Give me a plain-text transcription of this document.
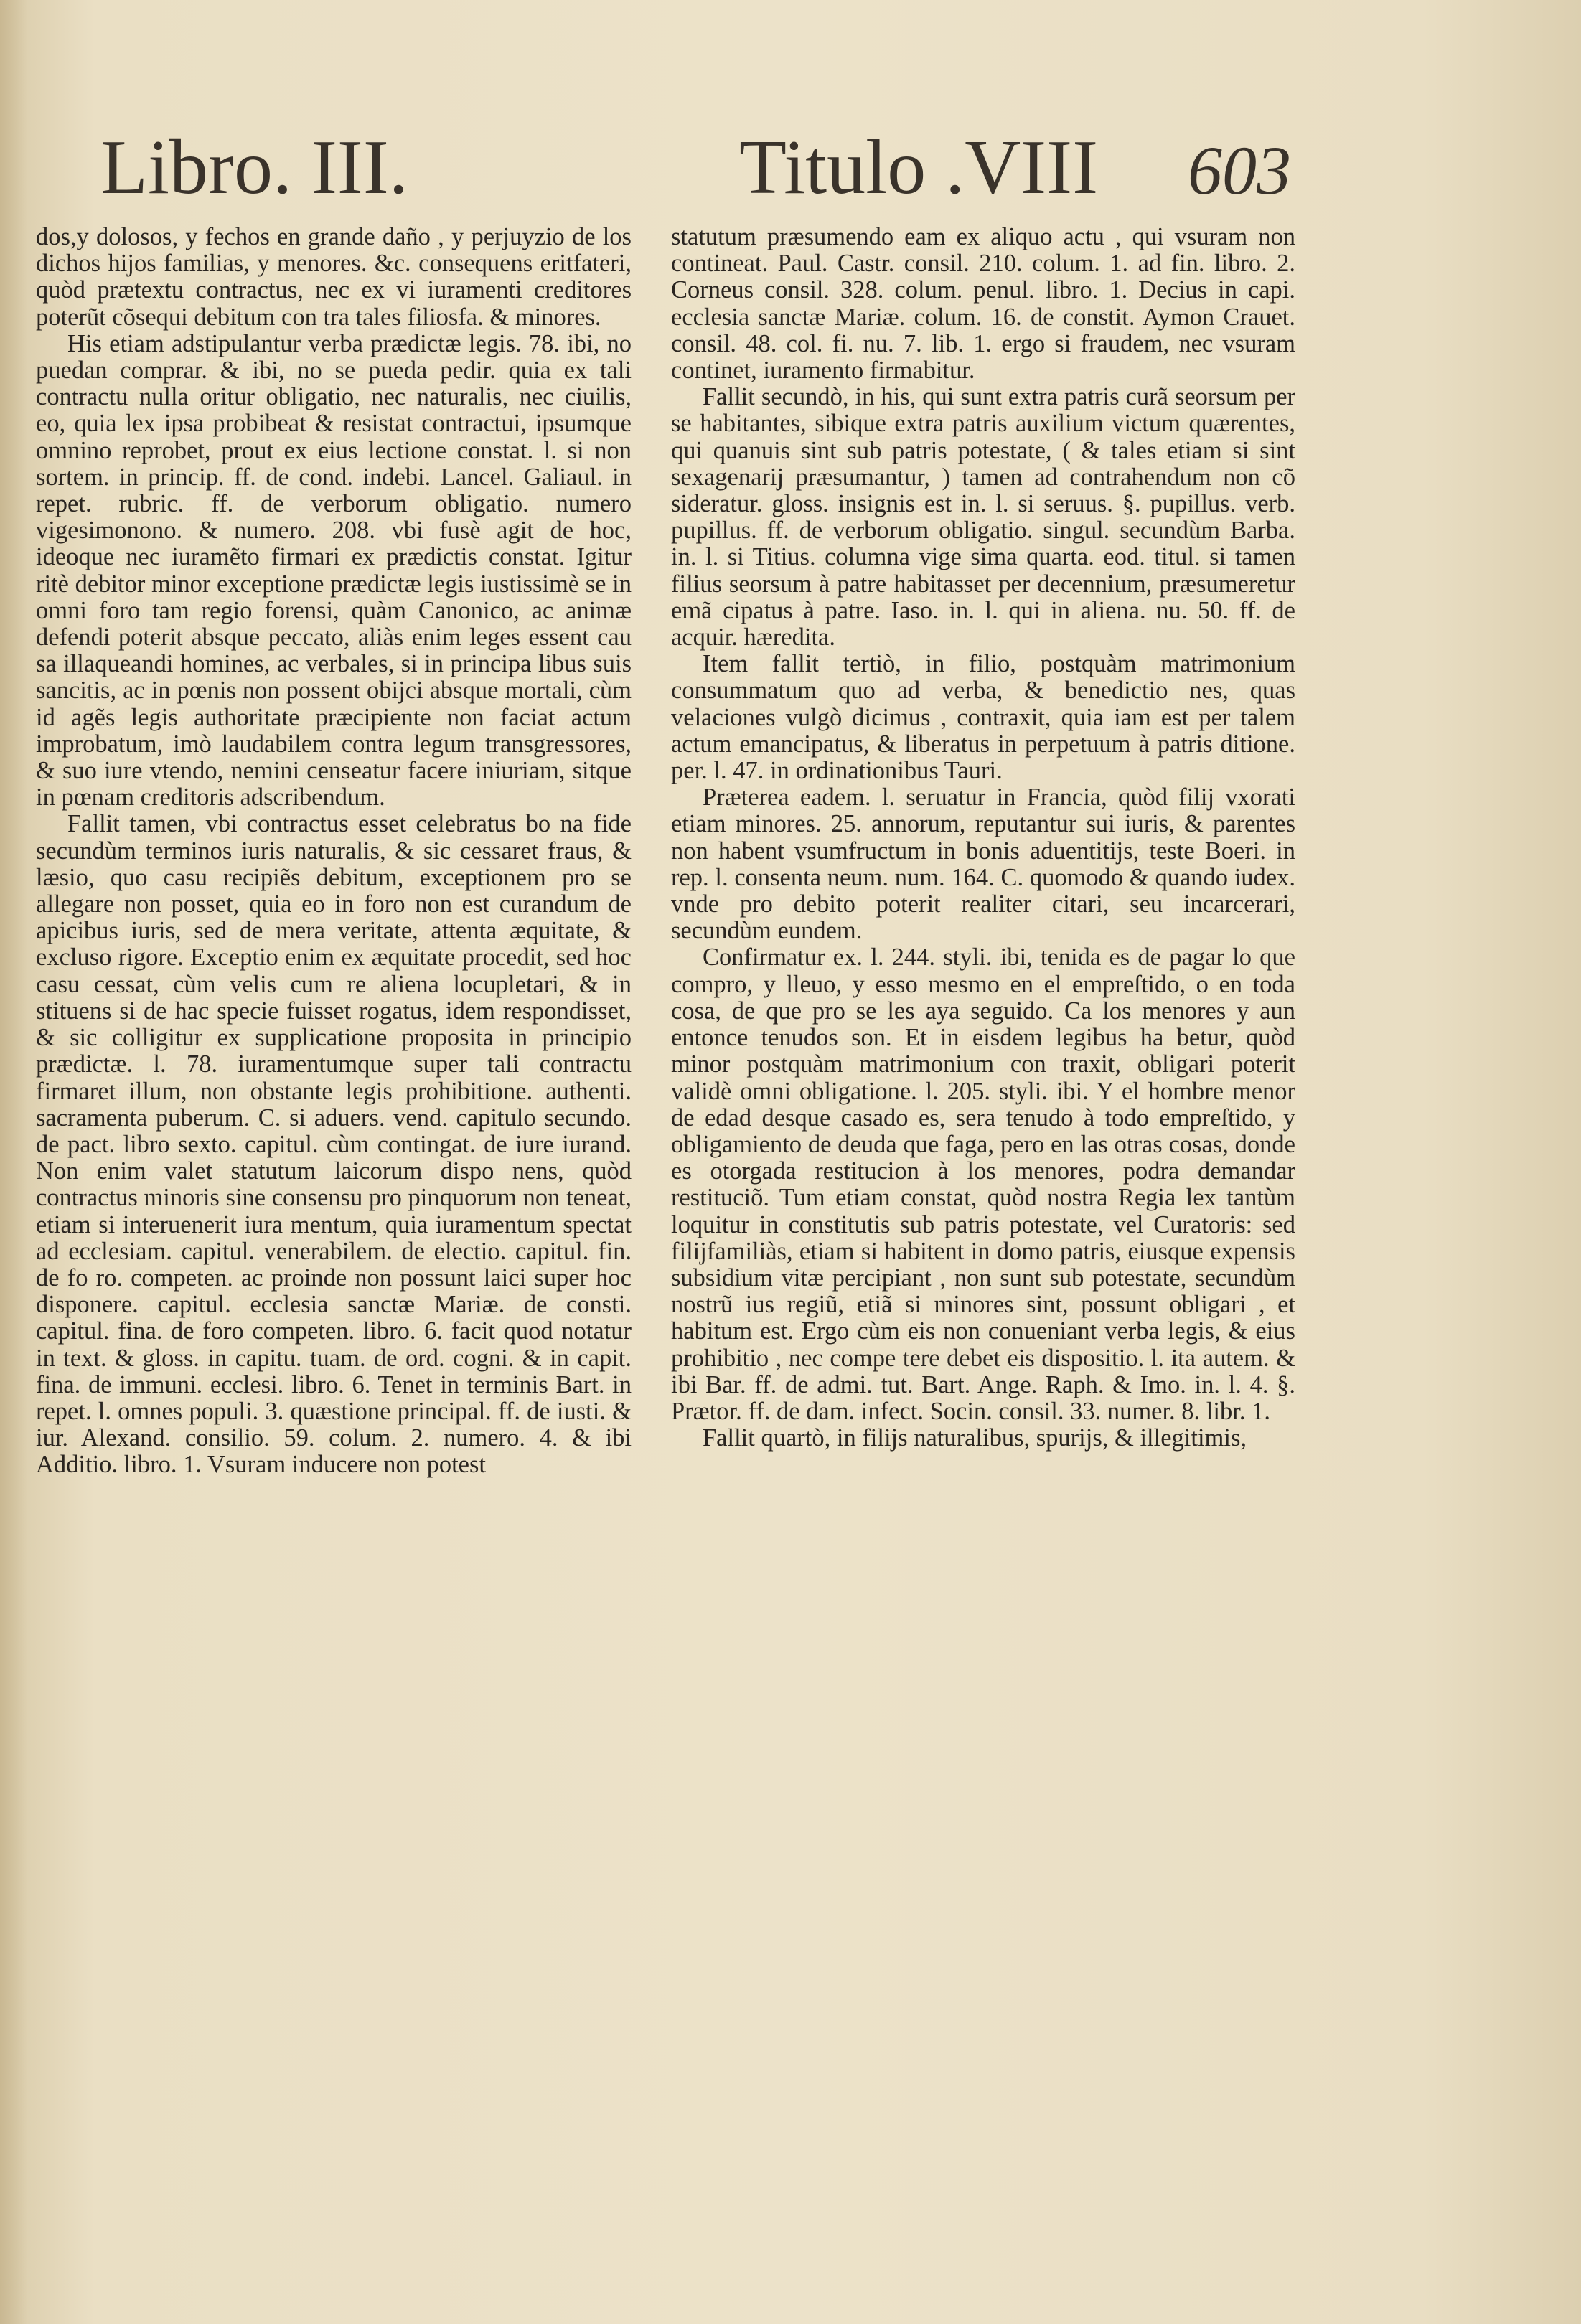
Libro. III.	Titulo .VIII 603

dos,y dolosos, y fechos en grande daño , y perjuyzio de los dichos hijos familias, y menores. &c. consequens eritfateri, quòd prætextu contractus, nec ex vi iuramenti creditores poterũt cõsequi debitum con tra tales filiosfa. & minores.

His etiam adstipulantur verba prædictæ legis. 78. ibi, no puedan comprar. & ibi, no se pueda pedir. quia ex tali contractu nulla oritur obligatio, nec naturalis, nec ciuilis, eo, quia lex ipsa probibeat & resistat contractui, ipsumque omnino reprobet, prout ex eius lectione constat. l. si non sortem. in princip. ff. de cond. indebi. Lancel. Galiaul. in repet. rubric. ff. de verborum obligatio. numero vigesimonono. & numero. 208. vbi fusè agit de hoc, ideoque nec iuramẽto firmari ex prædictis constat. Igitur ritè debitor minor exceptione prædictæ legis iustissimè se in omni foro tam regio forensi, quàm Canonico, ac animæ defendi poterit absque peccato, aliàs enim leges essent cau sa illaqueandi homines, ac verbales, si in principa libus suis sancitis, ac in pœnis non possent obijci absque mortali, cùm id agẽs legis authoritate præcipiente non faciat actum improbatum, imò laudabilem contra legum transgressores, & suo iure vtendo, nemini censeatur facere iniuriam, sitque in pœnam creditoris adscribendum.

Fallit tamen, vbi contractus esset celebratus bo na fide secundùm terminos iuris naturalis, & sic cessaret fraus, & læsio, quo casu recipiẽs debitum, exceptionem pro se allegare non posset, quia eo in foro non est curandum de apicibus iuris, sed de mera veritate, attenta æquitate, & excluso rigore. Exceptio enim ex æquitate procedit, sed hoc casu cessat, cùm velis cum re aliena locupletari, & in stituens si de hac specie fuisset rogatus, idem respondisset, & sic colligitur ex supplicatione proposita in principio prædictæ. l. 78. iuramentumque super tali contractu firmaret illum, non obstante legis prohibitione. authenti. sacramenta puberum. C. si aduers. vend. capitulo secundo. de pact. libro sexto. capitul. cùm contingat. de iure iurand. Non enim valet statutum laicorum dispo nens, quòd contractus minoris sine consensu pro pinquorum non teneat, etiam si interuenerit iura mentum, quia iuramentum spectat ad ecclesiam. capitul. venerabilem. de electio. capitul. fin. de fo ro. competen. ac proinde non possunt laici super hoc disponere. capitul. ecclesia sanctæ Mariæ. de consti. capitul. fina. de foro competen. libro. 6. facit quod notatur in text. & gloss. in capitu. tuam. de ord. cogni. & in capit. fina. de immuni. ecclesi. libro. 6. Tenet in terminis Bart. in repet. l. omnes populi. 3. quæstione principal. ff. de iusti. & iur. Alexand. consilio. 59. colum. 2. numero. 4. & ibi Additio. libro. 1. Vsuram inducere non potest

statutum præsumendo eam ex aliquo actu , qui vsuram non contineat. Paul. Castr. consil. 210. colum. 1. ad fin. libro. 2. Corneus consil. 328. colum. penul. libro. 1. Decius in capi. ecclesia sanctæ Mariæ. colum. 16. de constit. Aymon Crauet. consil. 48. col. fi. nu. 7. lib. 1. ergo si fraudem, nec vsuram continet, iuramento firmabitur.

Fallit secundò, in his, qui sunt extra patris curã seorsum per se habitantes, sibique extra patris auxilium victum quærentes, qui quanuis sint sub patris potestate, ( & tales etiam si sint sexagenarij præsumantur, ) tamen ad contrahendum non cõ sideratur. gloss. insignis est in. l. si seruus. §. pupillus. verb. pupillus. ff. de verborum obligatio. singul. secundùm Barba. in. l. si Titius. columna vige sima quarta. eod. titul. si tamen filius seorsum à patre habitasset per decennium, præsumeretur emã cipatus à patre. Iaso. in. l. qui in aliena. nu. 50. ff. de acquir. hæredita.

Item fallit tertiò, in filio, postquàm matrimonium consummatum quo ad verba, & benedictio nes, quas velaciones vulgò dicimus , contraxit, quia iam est per talem actum emancipatus, & liberatus in perpetuum à patris ditione. per. l. 47. in ordinationibus Tauri.

Præterea eadem. l. seruatur in Francia, quòd filij vxorati etiam minores. 25. annorum, reputantur sui iuris, & parentes non habent vsumfructum in bonis aduentitijs, teste Boeri. in rep. l. consenta neum. num. 164. C. quomodo & quando iudex. vnde pro debito poterit realiter citari, seu incarcerari, secundùm eundem.

Confirmatur ex. l. 244. styli. ibi, tenida es de pagar lo que compro, y lleuo, y esso mesmo en el empreſtido, o en toda cosa, de que pro se les aya seguido. Ca los menores y aun entonce tenudos son. Et in eisdem legibus ha betur, quòd minor postquàm matrimonium con traxit, obligari poterit validè omni obligatione. l. 205. styli. ibi. Y el hombre menor de edad desque casado es, sera tenudo à todo empreſtido, y obligamiento de deuda que faga, pero en las otras cosas, donde es otorgada restitucion à los menores, podra demandar restituciõ. Tum etiam constat, quòd nostra Regia lex tantùm loquitur in constitutis sub patris potestate, vel Curatoris: sed filijfamiliàs, etiam si habitent in domo patris, eiusque expensis subsidium vitæ percipiant , non sunt sub potestate, secundùm nostrũ ius regiũ, etiã si minores sint, possunt obligari , et habitum est. Ergo cùm eis non conueniant verba legis, & eius prohibitio , nec compe tere debet eis dispositio. l. ita autem. & ibi Bar. ff. de admi. tut. Bart. Ange. Raph. & Imo. in. l. 4. §. Prætor. ff. de dam. infect. Socin. consil. 33. numer. 8. libr. 1.

Fallit quartò, in filijs naturalibus, spurijs, & illegitimis,
